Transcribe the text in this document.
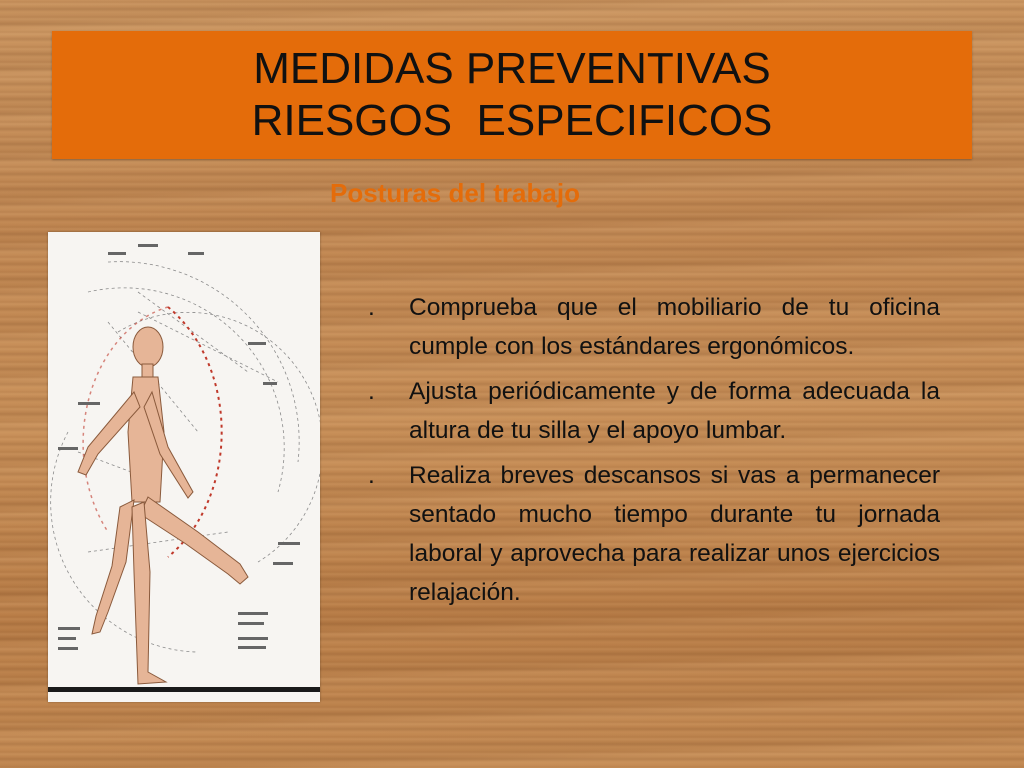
MEDIDAS PREVENTIVAS
RIESGOS  ESPECIFICOS
Posturas del trabajo
.	Comprueba que el mobiliario de tu oficina cumple con los estándares ergonómicos.
.	Ajusta periódicamente y de forma adecuada la altura de tu silla y el apoyo lumbar.
.	Realiza breves descansos si vas a permanecer sentado mucho tiempo durante tu jornada laboral y aprovecha para realizar unos ejercicios relajación.
